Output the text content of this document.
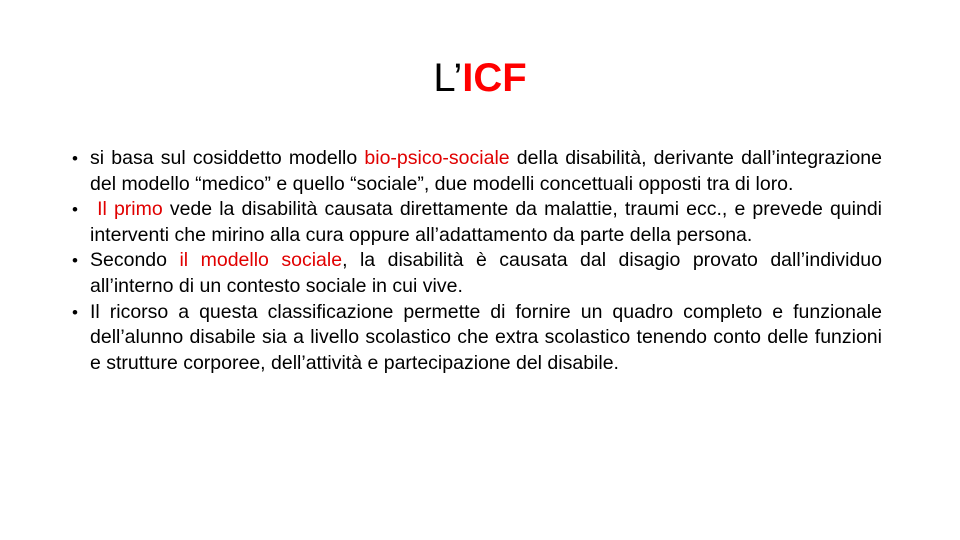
L’ICF
• si basa sul cosiddetto modello bio-psico-sociale della disabilità, derivante dall’integrazione del modello “medico” e quello “sociale”, due modelli concettuali opposti tra di loro.
• Il primo vede la disabilità causata direttamente da malattie, traumi ecc., e prevede quindi interventi che mirino alla cura oppure all’adattamento da parte della persona.
• Secondo il modello sociale, la disabilità è causata dal disagio provato dall’individuo all’interno di un contesto sociale in cui vive.
• Il ricorso a questa classificazione permette di fornire un quadro completo e funzionale dell’alunno disabile sia a livello scolastico che extra scolastico tenendo conto delle funzioni e strutture corporee, dell’attività e partecipazione del disabile.
